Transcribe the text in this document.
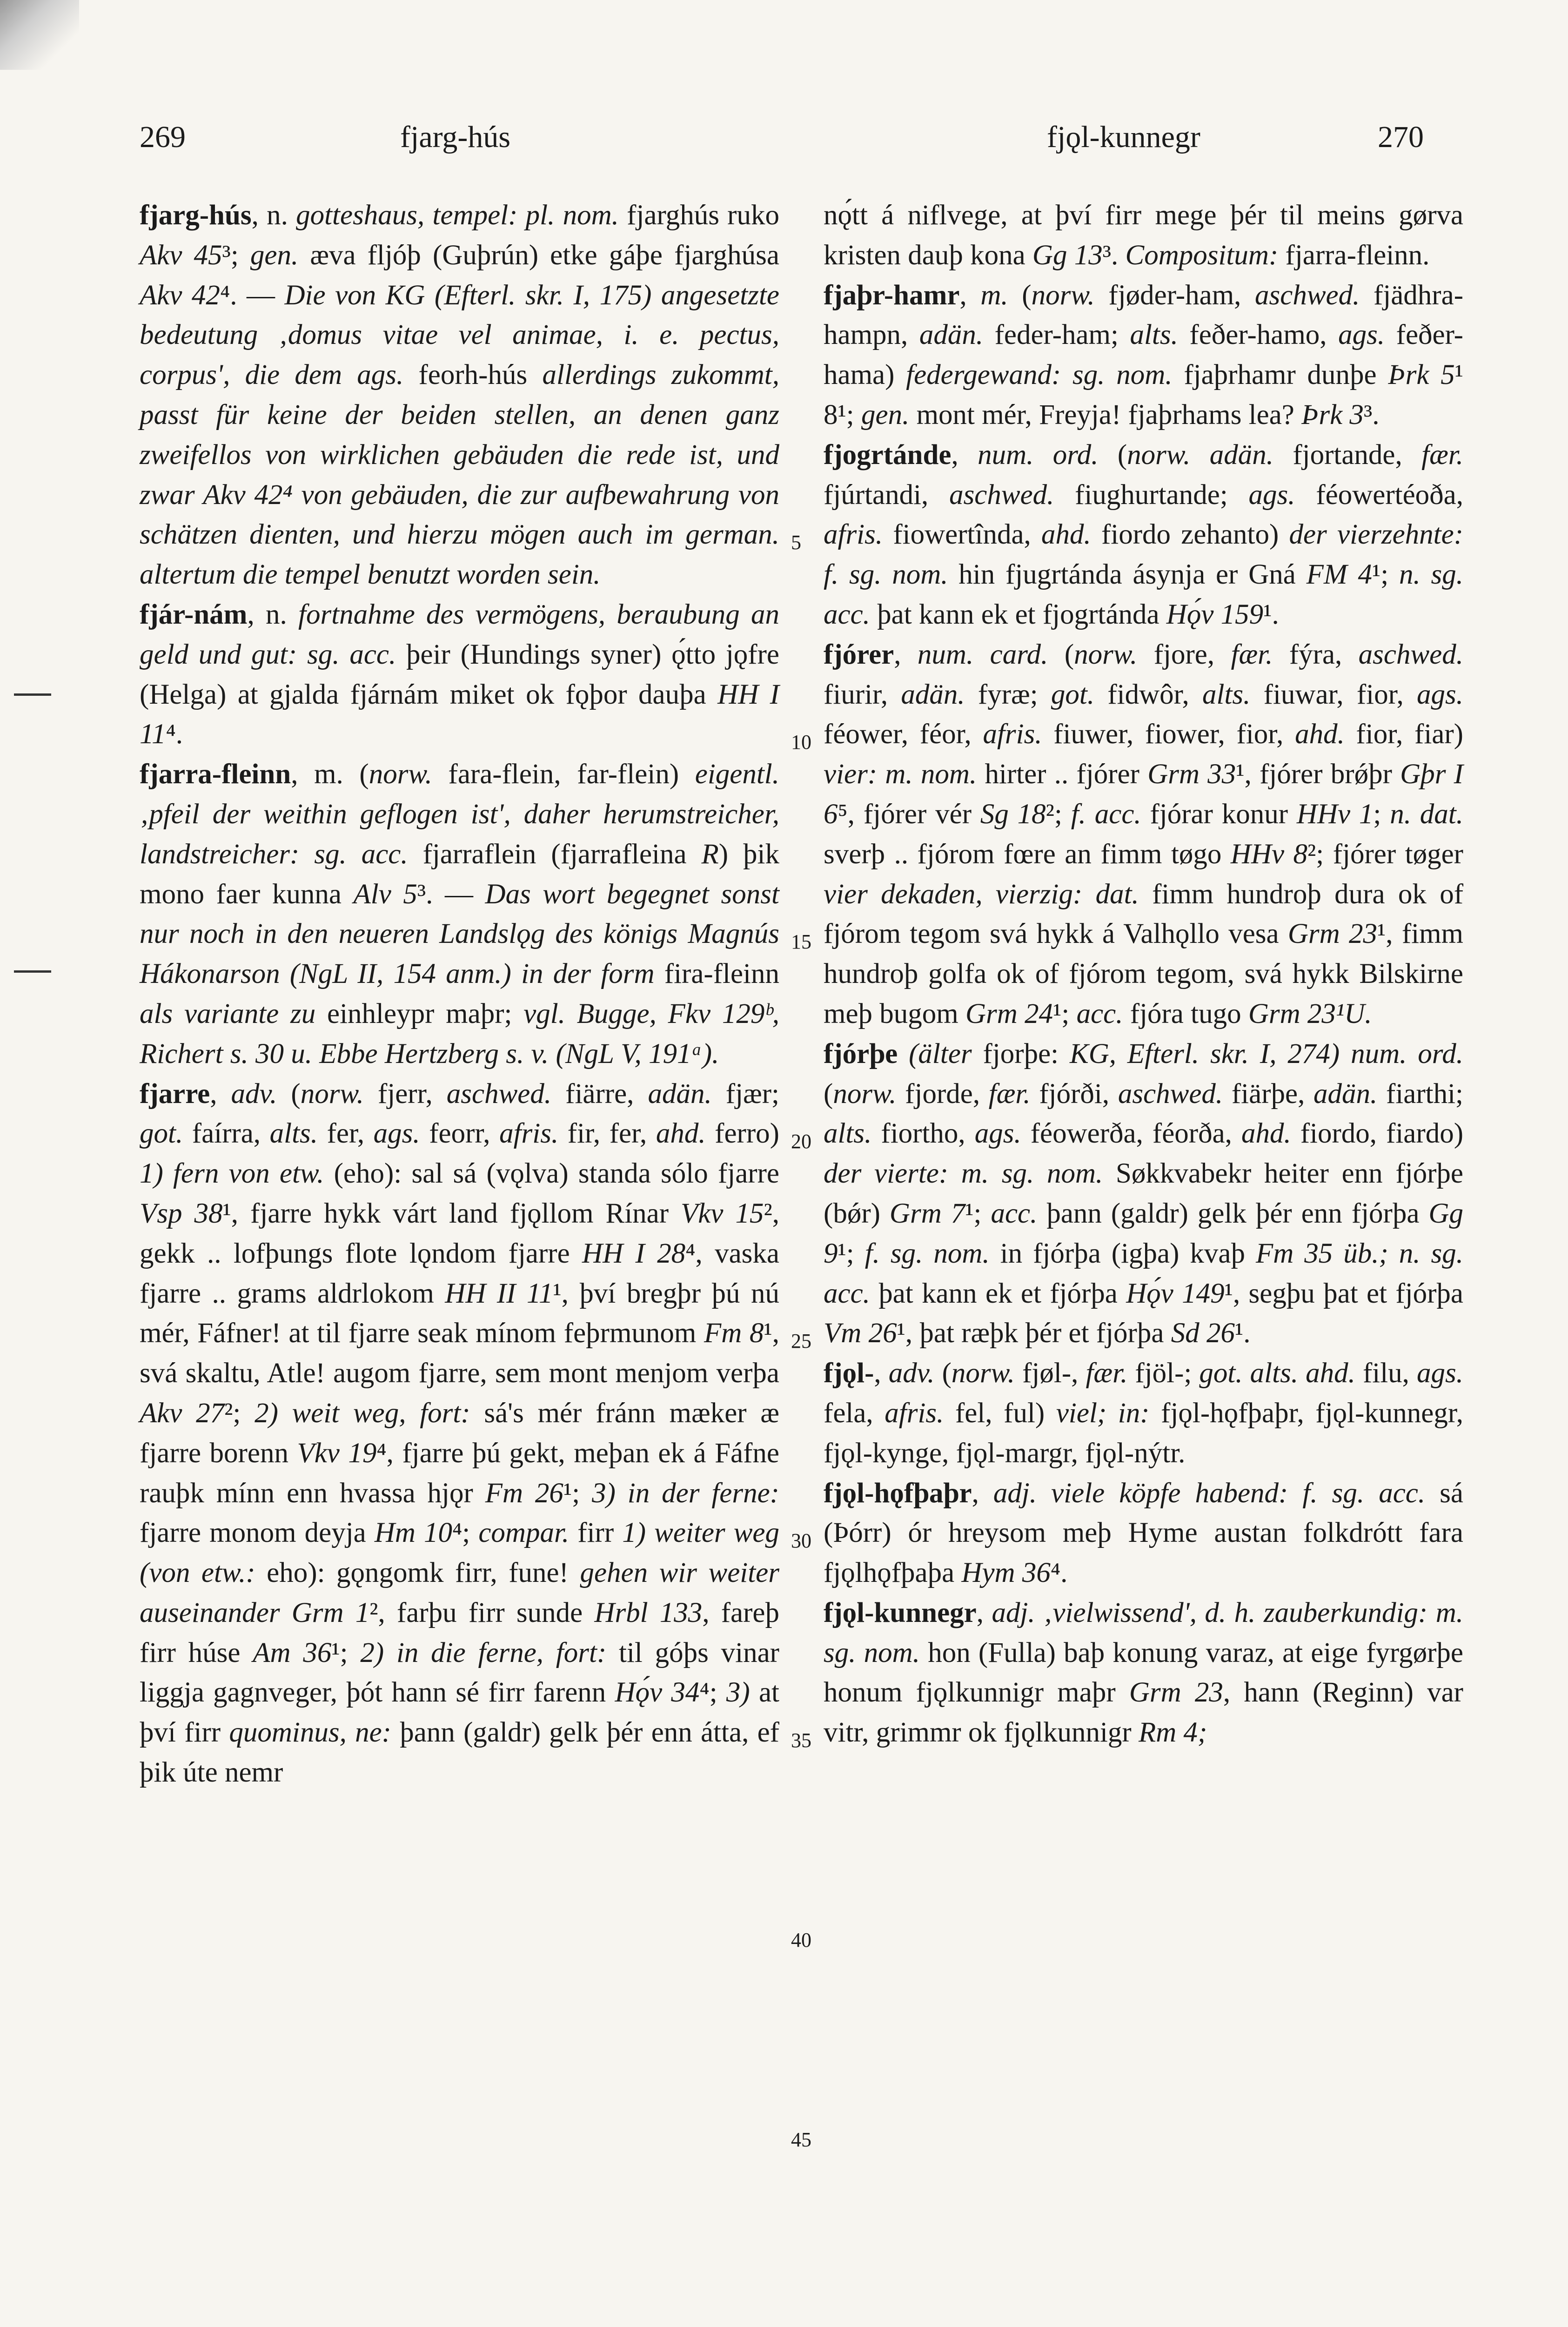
269	fjarg-hús	fjǫl-kunnegr	270
5
10
15
20
25
30
35
40
45

fjarg-hús, n. gotteshaus, tempel: pl. nom. fjarghús ruko Akv 45³; gen. æva fljóþ (Guþrún) etke gáþe fjarghúsa Akv 42⁴. — Die von KG (Efterl. skr. I, 175) angesetzte bedeutung ‚domus vitae vel animae, i. e. pectus, corpus', die dem ags. feorh-hús allerdings zukommt, passt für keine der beiden stellen, an denen ganz zweifellos von wirklichen gebäuden die rede ist, und zwar Akv 42⁴ von gebäuden, die zur aufbewahrung von schätzen dienten, und hierzu mögen auch im german. altertum die tempel benutzt worden sein.

fjár-nám, n. fortnahme des vermögens, beraubung an geld und gut: sg. acc. þeir (Hundings syner) ǫ́tto jǫfre (Helga) at gjalda fjárnám miket ok fǫþor dauþa HH I 11⁴.

fjarra-fleinn, m. (norw. fara-flein, far-flein) eigentl. ‚pfeil der weithin geflogen ist', daher herumstreicher, landstreicher: sg. acc. fjarraflein (fjarrafleina R) þik mono faer kunna Alv 5³. — Das wort begegnet sonst nur noch in den neueren Landslǫg des königs Magnús Hákonarson (NgL II, 154 anm.) in der form fira-fleinn als variante zu einhleypr maþr; vgl. Bugge, Fkv 129ᵇ, Richert s. 30 u. Ebbe Hertzberg s. v. (NgL V, 191ᵃ).

fjarre, adv. (norw. fjerr, aschwed. fiärre, adän. fjær; got. faírra, alts. fer, ags. feorr, afris. fir, fer, ahd. ferro) 1) fern von etw. (eho): sal sá (vǫlva) standa sólo fjarre Vsp 38¹, fjarre hykk várt land fjǫllom Rínar Vkv 15², gekk .. lofþungs flote lǫndom fjarre HH I 28⁴, vaska fjarre .. grams aldrlokom HH II 11¹, því bregþr þú nú mér, Fáfner! at til fjarre seak mínom feþrmunom Fm 8¹, svá skaltu, Atle! augom fjarre, sem mont menjom verþa Akv 27²; 2) weit weg, fort: sá's mér fránn mæker æ fjarre borenn Vkv 19⁴, fjarre þú gekt, meþan ek á Fáfne rauþk mínn enn hvassa hjǫr Fm 26¹; 3) in der ferne: fjarre monom deyja Hm 10⁴; compar. firr 1) weiter weg (von etw.: eho): gǫngomk firr, fune! gehen wir weiter auseinander Grm 1², farþu firr sunde Hrbl 133, fareþ firr húse Am 36¹; 2) in die ferne, fort: til góþs vinar liggja gagnveger, þót hann sé firr farenn Hǫ́v 34⁴; 3) at því firr quominus, ne: þann (galdr) gelk þér enn átta, ef þik úte nemr

nǫ́tt á niflvege, at því firr mege þér til meins gørva kristen dauþ kona Gg 13³. Compositum: fjarra-fleinn.

fjaþr-hamr, m. (norw. fjøder-ham, aschwed. fjädhra-hampn, adän. feder-ham; alts. feðer-hamo, ags. feðer-hama) federgewand: sg. nom. fjaþrhamr dunþe Þrk 5¹ 8¹; gen. mont mér, Freyja! fjaþrhams lea? Þrk 3³.

fjogrtánde, num. ord. (norw. adän. fjortande, fær. fjúrtandi, aschwed. fiughurtande; ags. féowertéoða, afris. fiowertînda, ahd. fiordo zehanto) der vierzehnte: f. sg. nom. hin fjugrtánda ásynja er Gná FM 4¹; n. sg. acc. þat kann ek et fjogrtánda Hǫ́v 159¹.

fjórer, num. card. (norw. fjore, fær. fýra, aschwed. fiurir, adän. fyræ; got. fidwôr, alts. fiuwar, fior, ags. féower, féor, afris. fiuwer, fiower, fior, ahd. fior, fiar) vier: m. nom. hirter .. fjórer Grm 33¹, fjórer brǿþr Gþr I 6⁵, fjórer vér Sg 18²; f. acc. fjórar konur HHv 1; n. dat. sverþ .. fjórom fœre an fimm tøgo HHv 8²; fjórer tøger vier dekaden, vierzig: dat. fimm hundroþ dura ok of fjórom tegom svá hykk á Valhǫllo vesa Grm 23¹, fimm hundroþ golfa ok of fjórom tegom, svá hykk Bilskirne meþ bugom Grm 24¹; acc. fjóra tugo Grm 23¹U.

fjórþe (älter fjorþe: KG, Efterl. skr. I, 274) num. ord. (norw. fjorde, fær. fjórði, aschwed. fiärþe, adän. fiarthi; alts. fiortho, ags. féowerða, féorða, ahd. fiordo, fiardo) der vierte: m. sg. nom. Søkkvabekr heiter enn fjórþe (bǿr) Grm 7¹; acc. þann (galdr) gelk þér enn fjórþa Gg 9¹; f. sg. nom. in fjórþa (igþa) kvaþ Fm 35 üb.; n. sg. acc. þat kann ek et fjórþa Hǫ́v 149¹, segþu þat et fjórþa Vm 26¹, þat ræþk þér et fjórþa Sd 26¹.

fjǫl-, adv. (norw. fjøl-, fær. fjöl-; got. alts. ahd. filu, ags. fela, afris. fel, ful) viel; in: fjǫl-hǫfþaþr, fjǫl-kunnegr, fjǫl-kynge, fjǫl-margr, fjǫl-nýtr.

fjǫl-hǫfþaþr, adj. viele köpfe habend: f. sg. acc. sá (Þórr) ór hreysom meþ Hyme austan folkdrótt fara fjǫlhǫfþaþa Hym 36⁴.

fjǫl-kunnegr, adj. ‚vielwissend', d. h. zauberkundig: m. sg. nom. hon (Fulla) baþ konung varaz, at eige fyrgørþe honum fjǫlkunnigr maþr Grm 23, hann (Reginn) var vitr, grimmr ok fjǫlkunnigr Rm 4;
